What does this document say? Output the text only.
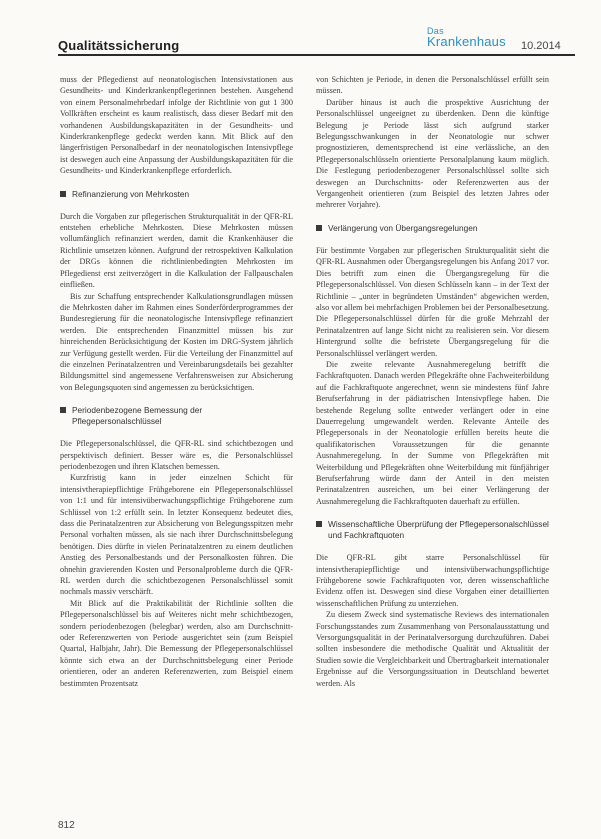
Qualitätssicherung
Das
Krankenhaus 10.2014

muss der Pflegedienst auf neonatologischen Intensivstationen aus Gesundheits- und Kinderkrankenpflegerinnen bestehen. Ausgehend von einem Personalmehrbedarf infolge der Richtlinie von gut 1 300 Vollkräften erscheint es kaum realistisch, dass dieser Bedarf mit den vorhandenen Ausbildungskapazitäten in der Gesundheits- und Kinderkrankenpflege gedeckt werden kann. Mit Blick auf den längerfristigen Personalbedarf in der neonatologischen Intensivpflege ist deswegen auch eine Anpassung der Ausbildungskapazitäten für die Gesundheits- und Kinderkrankenpflege erforderlich.

Refinanzierung von Mehrkosten

Durch die Vorgaben zur pflegerischen Strukturqualität in der QFR-RL entstehen erhebliche Mehrkosten. Diese Mehrkosten müssen vollumfänglich refinanziert werden, damit die Krankenhäuser die Richtlinie umsetzen können. Aufgrund der retrospektiven Kalkulation der DRGs können die richtlinienbedingten Mehrkosten im Pflegedienst erst zeitverzögert in die Kalkulation der Fallpauschalen einfließen.

Bis zur Schaffung entsprechender Kalkulationsgrundlagen müssen die Mehrkosten daher im Rahmen eines Sonderförderprogrammes der Bundesregierung für die neonatologische Intensivpflege refinanziert werden. Die entsprechenden Finanzmittel müssen bis zur hinreichenden Berücksichtigung der Kosten im DRG-System jährlich zur Verfügung gestellt werden. Für die Verteilung der Finanzmittel auf die einzelnen Perinatalzentren und Vereinbarungsdetails bei gezahlter Bildungsmittel sind angemessene Verfahrensweisen zur Absicherung von Belegungsquoten sind angemessen zu berücksichtigen.

Periodenbezogene Bemessung der Pflegepersonalschlüssel

Die Pflegepersonalschlüssel, die QFR-RL sind schichtbezogen und perspektivisch definiert. Besser wäre es, die Personalschlüssel periodenbezogen und ihren Klatschen bemessen.

Kurzfristig kann in jeder einzelnen Schicht für intensivtherapiepflichtige Frühgeborene ein Pflegepersonalschlüssel von 1:1 und für intensivüberwachungspflichtige Frühgeborene zum Schlüssel von 1:2 erfüllt sein. In letzter Konsequenz bedeutet dies, dass die Perinatalzentren zur Absicherung von Belegungsspitzen mehr Personal vorhalten müssen, als sie nach ihrer Durchschnittsbelegung benötigen. Dies dürfte in vielen Perinatalzentren zu einem deutlichen Anstieg des Personalbestands und der Personalkosten führen. Die ohnehin gravierenden Kosten und Personalprobleme durch die QFR-RL werden durch die schichtbezogenen Personalschlüssel somit nochmals massiv verschärft.

Mit Blick auf die Praktikabilität der Richtlinie sollten die Pflegepersonalschlüssel bis auf Weiteres nicht mehr schichtbezogen, sondern periodenbezogen (belegbar) werden, also am Durchschnitt- oder Referenzwerten von Periode ausgerichtet sein (zum Beispiel Quartal, Halbjahr, Jahr). Die Bemessung der Pflegepersonalschlüssel könnte sich etwa an der Durchschnittsbelegung einer Periode orientieren, oder an anderen Referenzwerten, zum Beispiel einem bestimmten Prozentsatz

von Schichten je Periode, in denen die Personalschlüssel erfüllt sein müssen.

Darüber hinaus ist auch die prospektive Ausrichtung der Personalschlüssel ungeeignet zu überdenken. Denn die künftige Belegung je Periode lässt sich aufgrund starker Belegungsschwankungen in der Neonatologie nur schwer prognostizieren, dementsprechend ist eine verlässliche, an den Pflegepersonalschlüsseln orientierte Personalplanung kaum möglich. Die Festlegung periodenbezogener Personalschlüssel sollte sich deswegen an Durchschnitts- oder Referenzwerten aus der Vergangenheit orientieren (zum Beispiel des letzten Jahres oder mehrerer Vorjahre).

Verlängerung von Übergangsregelungen

Für bestimmte Vorgaben zur pflegerischen Strukturqualität sieht die QFR-RL Ausnahmen oder Übergangsregelungen bis Anfang 2017 vor. Dies betrifft zum einen die Übergangsregelung für die Pflegepersonalschlüssel. Von diesen Schlüsseln kann – in der Text der Richtlinie – „unter in begründeten Umständen“ abgewichen werden, also vor allem bei mehrfachigen Problemen bei der Personalbesetzung. Die Pflegepersonalschlüssel dürfen für die große Mehrzahl der Perinatalzentren auf lange Sicht nicht zu realisieren sein. Vor diesem Hintergrund sollte die befristete Übergangsregelung für die Personalschlüssel verlängert werden.

Die zweite relevante Ausnahmeregelung betrifft die Fachkraftquoten. Danach werden Pflegekräfte ohne Fachweiterbildung auf die Fachkraftquote angerechnet, wenn sie mindestens fünf Jahre Berufserfahrung in der pädiatrischen Intensivpflege haben. Die bestehende Regelung sollte entweder verlängert oder in eine Dauerregelung umgewandelt werden. Relevante Anteile des Pflegepersonals in der Neonatologie erfüllen bereits heute die qualifikatorischen Voraussetzungen für die genannte Ausnahmeregelung. In der Summe von Pflegekräften mit Weiterbildung und Pflegekräften ohne Weiterbildung mit fünfjähriger Berufserfahrung würde dann der Anteil in den meisten Perinatalzentren ausreichen, um bei einer Verlängerung der Ausnahmeregelung die Fachkraftquoten dauerhaft zu erfüllen.

Wissenschaftliche Überprüfung der Pflegepersonalschlüssel und Fachkraftquoten

Die QFR-RL gibt starre Personalschlüssel für intensivtherapiepflichtige und intensivüberwachungspflichtige Frühgeborene sowie Fachkraftquoten vor, deren wissenschaftliche Evidenz offen ist. Deswegen sind diese Vorgaben einer detaillierten wissenschaftlichen Prüfung zu unterziehen.

Zu diesem Zweck sind systematische Reviews des internationalen Forschungsstandes zum Zusammenhang von Personalausstattung und Versorgungsqualität in der Perinatalversorgung durchzuführen. Dabei sollten insbesondere die methodische Qualität und Aktualität der Studien sowie die Vergleichbarkeit und Übertragbarkeit internationaler Ergebnisse auf die Versorgungssituation in Deutschland bewertet werden. Als

812
